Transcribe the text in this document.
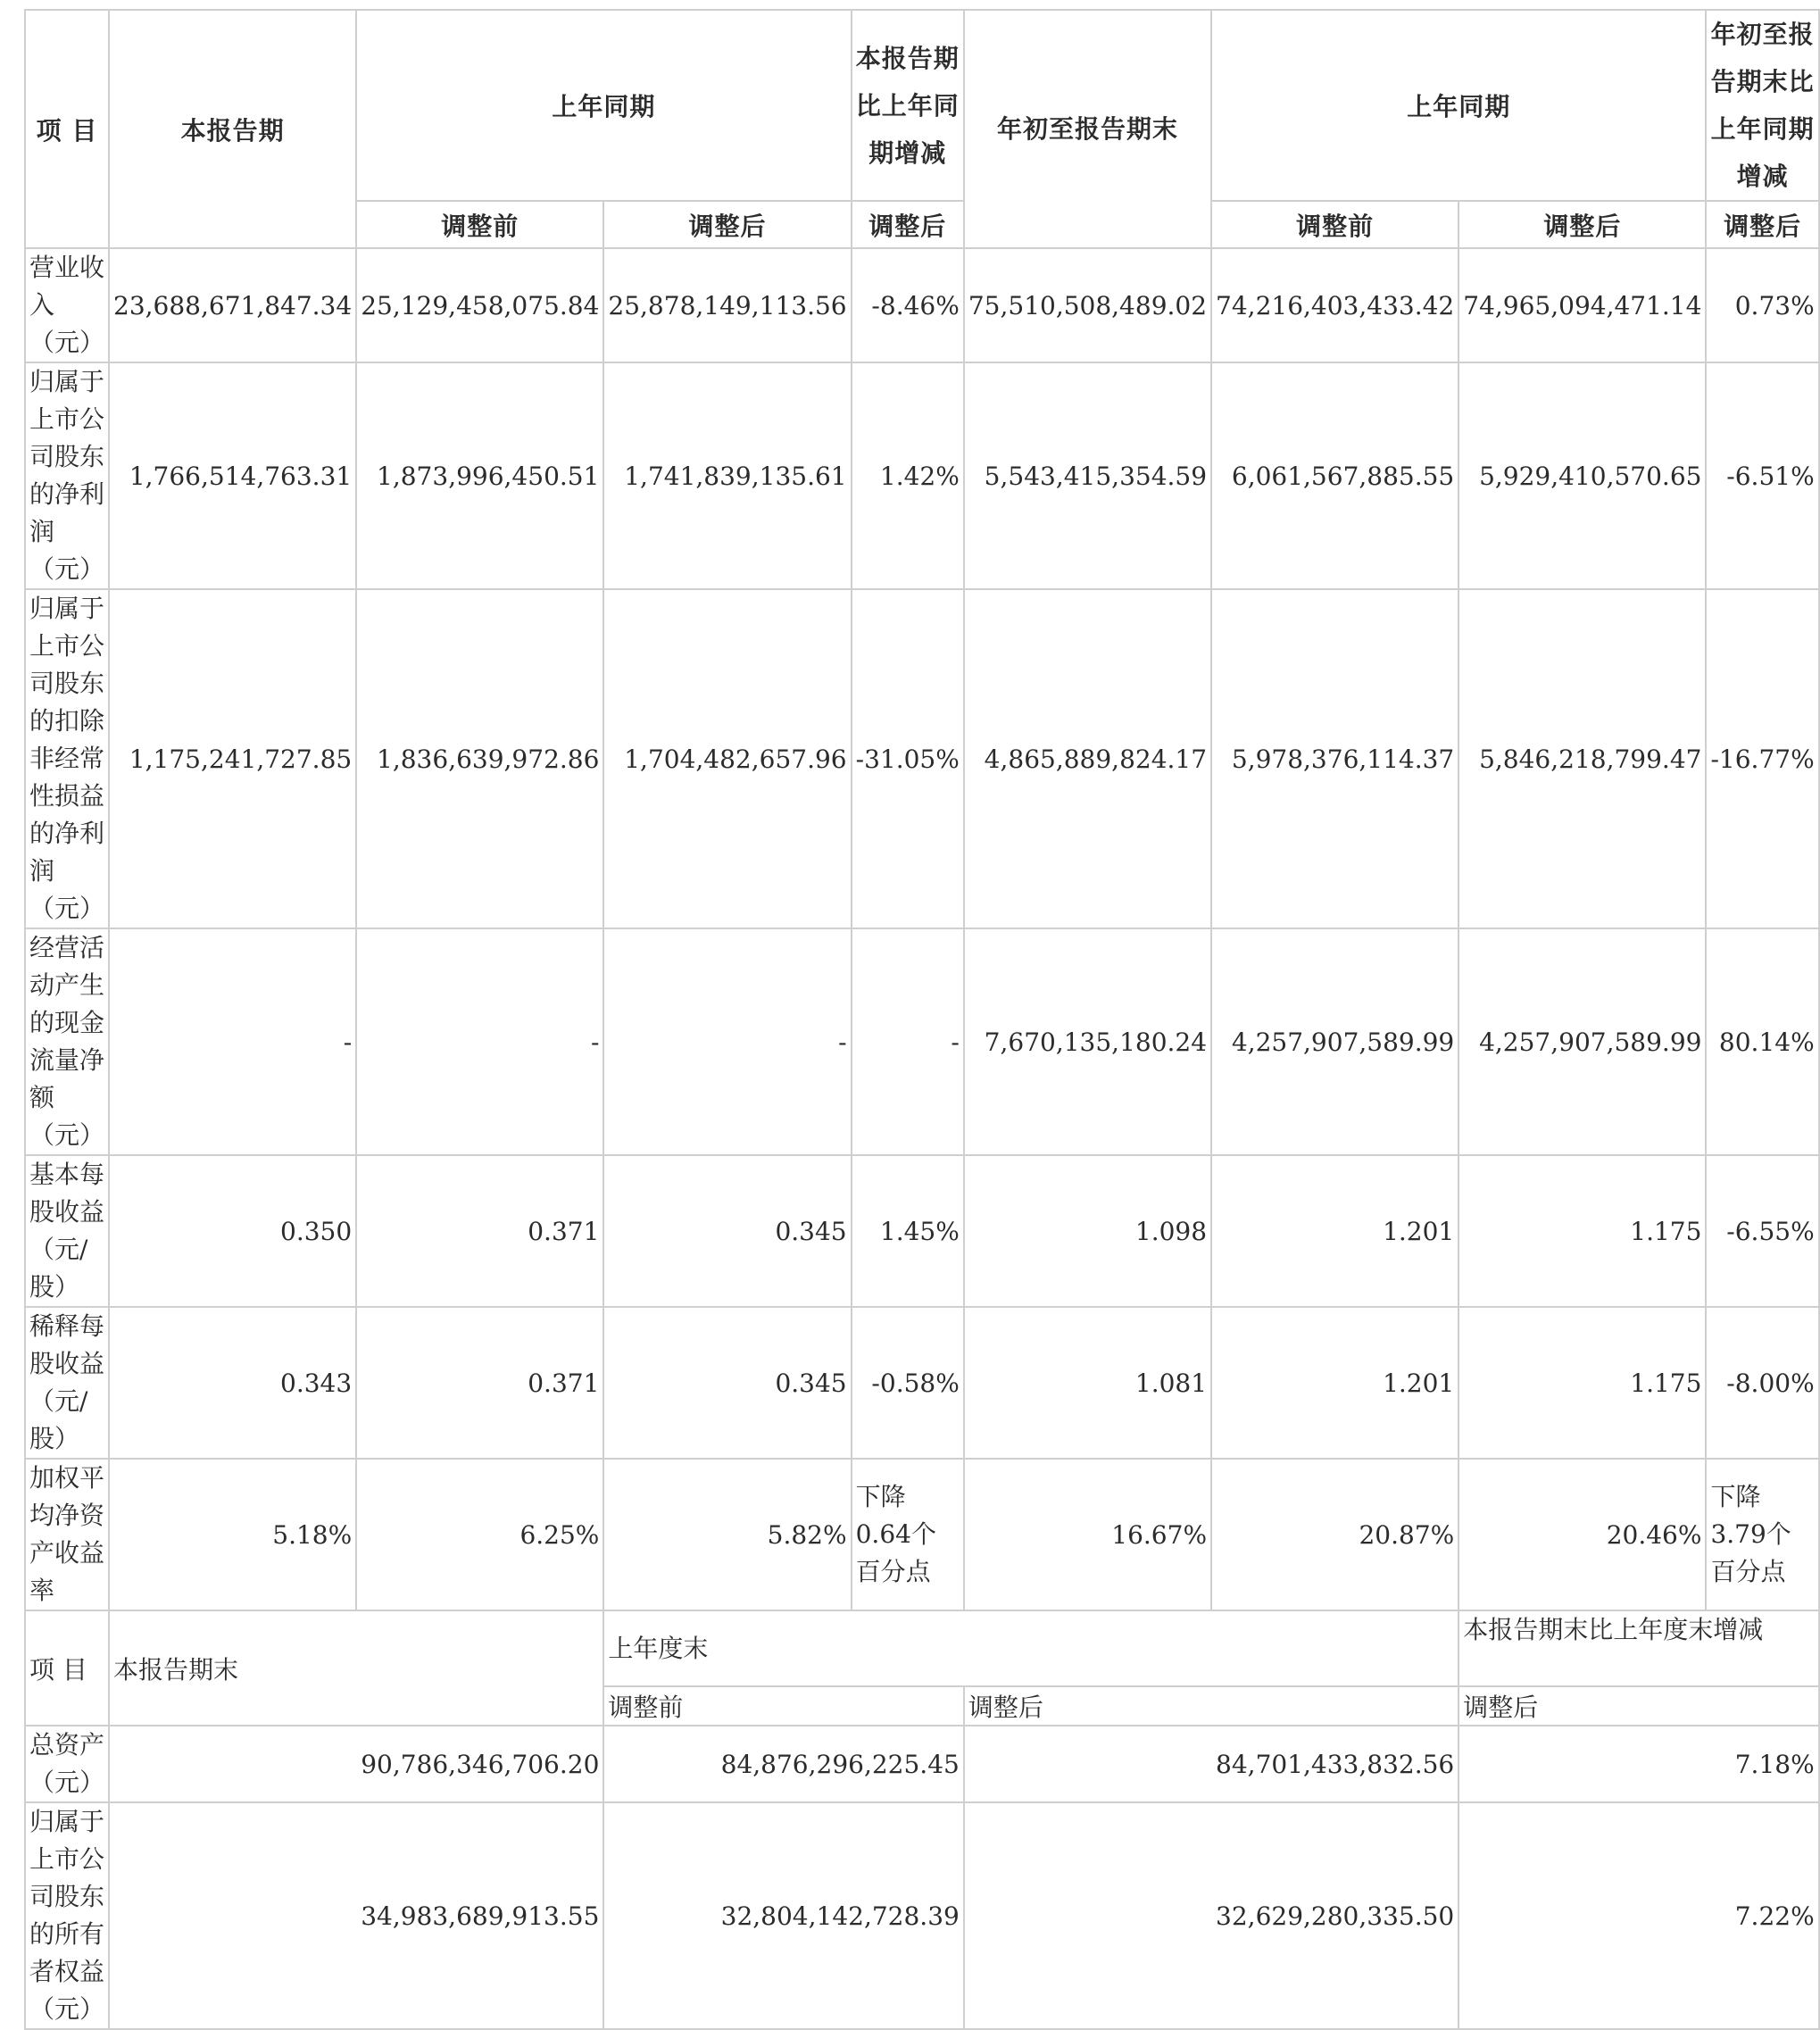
项 目	本报告期	上年同期		本报告期比上年同期增减	年初至报告期末	上年同期		年初至报告期末比上年同期增减
		调整前	调整后	调整后		调整前	调整后	调整后
营业收入（元）	23,688,671,847.34	25,129,458,075.84	25,878,149,113.56	-8.46%	75,510,508,489.02	74,216,403,433.42	74,965,094,471.14	0.73%
归属于上市公司股东的净利润（元）	1,766,514,763.31	1,873,996,450.51	1,741,839,135.61	1.42%	5,543,415,354.59	6,061,567,885.55	5,929,410,570.65	-6.51%
归属于上市公司股东的扣除非经常性损益的净利润（元）	1,175,241,727.85	1,836,639,972.86	1,704,482,657.96	-31.05%	4,865,889,824.17	5,978,376,114.37	5,846,218,799.47	-16.77%
经营活动产生的现金流量净额（元）	-	-	-	-	7,670,135,180.24	4,257,907,589.99	4,257,907,589.99	80.14%
基本每股收益（元/股）	0.350	0.371	0.345	1.45%	1.098	1.201	1.175	-6.55%
稀释每股收益（元/股）	0.343	0.371	0.345	-0.58%	1.081	1.201	1.175	-8.00%
加权平均净资产收益率	5.18%	6.25%	5.82%	下降0.64个百分点	16.67%	20.87%	20.46%	下降3.79个百分点
项 目	本报告期末		上年度末				本报告期末比上年度末增减	
			调整前		调整后		调整后	
总资产（元）	90,786,346,706.20		84,876,296,225.45		84,701,433,832.56		7.18%	
归属于上市公司股东的所有者权益（元）	34,983,689,913.55		32,804,142,728.39		32,629,280,335.50		7.22%	
